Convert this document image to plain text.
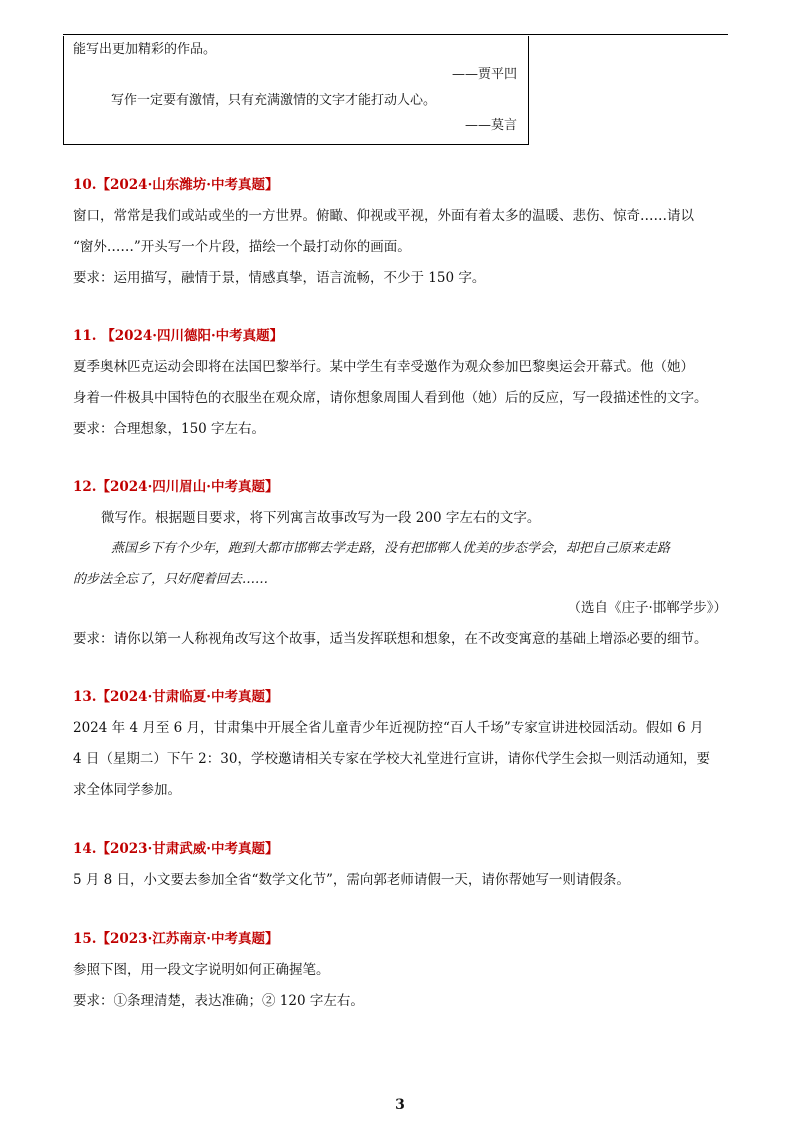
能写出更加精彩的作品。
——贾平凹
写作一定要有激情，只有充满激情的文字才能打动人心。
——莫言
10.【2024·山东潍坊·中考真题】
窗口，常常是我们或站或坐的一方世界。俯瞰、仰视或平视，外面有着太多的温暖、悲伤、惊奇……请以
“窗外……”开头写一个片段，描绘一个最打动你的画面。
要求：运用描写，融情于景，情感真挚，语言流畅，不少于 150 字。
11. 【2024·四川德阳·中考真题】
夏季奥林匹克运动会即将在法国巴黎举行。某中学生有幸受邀作为观众参加巴黎奥运会开幕式。他（她）
身着一件极具中国特色的衣服坐在观众席，请你想象周围人看到他（她）后的反应，写一段描述性的文字。
要求：合理想象，150 字左右。
12.【2024·四川眉山·中考真题】
微写作。根据题目要求，将下列寓言故事改写为一段 200 字左右的文字。
燕国乡下有个少年，跑到大都市邯郸去学走路，没有把邯郸人优美的步态学会，却把自己原来走路
的步法全忘了，只好爬着回去……
（选自《庄子·邯郸学步》）
要求：请你以第一人称视角改写这个故事，适当发挥联想和想象，在不改变寓意的基础上增添必要的细节。
13.【2024·甘肃临夏·中考真题】
2024 年 4 月至 6 月，甘肃集中开展全省儿童青少年近视防控“百人千场”专家宣讲进校园活动。假如 6 月
4 日（星期二）下午 2：30，学校邀请相关专家在学校大礼堂进行宣讲，请你代学生会拟一则活动通知，要
求全体同学参加。
14.【2023·甘肃武威·中考真题】
5 月 8 日，小文要去参加全省“数学文化节”，需向郭老师请假一天，请你帮她写一则请假条。
15.【2023·江苏南京·中考真题】
参照下图，用一段文字说明如何正确握笔。
要求：①条理清楚，表达准确；② 120 字左右。
3
